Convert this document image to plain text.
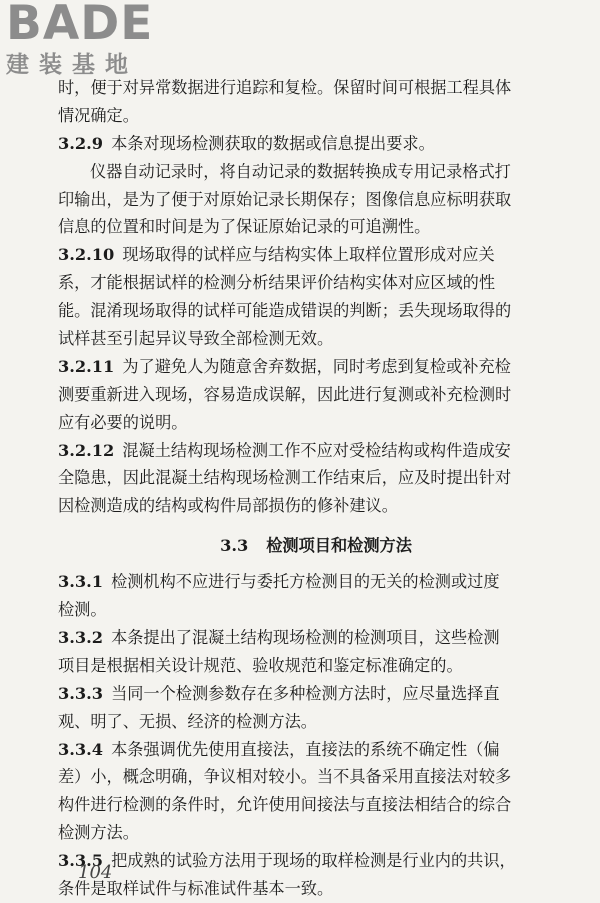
BADE
建装基地
时，便于对异常数据进行追踪和复检。保留时间可根据工程具体
情况确定。
3.2.9 本条对现场检测获取的数据或信息提出要求。
仪器自动记录时，将自动记录的数据转换成专用记录格式打
印输出，是为了便于对原始记录长期保存；图像信息应标明获取
信息的位置和时间是为了保证原始记录的可追溯性。
3.2.10 现场取得的试样应与结构实体上取样位置形成对应关
系，才能根据试样的检测分析结果评价结构实体对应区域的性
能。混淆现场取得的试样可能造成错误的判断；丢失现场取得的
试样甚至引起异议导致全部检测无效。
3.2.11 为了避免人为随意舍弃数据，同时考虑到复检或补充检
测要重新进入现场，容易造成误解，因此进行复测或补充检测时
应有必要的说明。
3.2.12 混凝土结构现场检测工作不应对受检结构或构件造成安
全隐患，因此混凝土结构现场检测工作结束后，应及时提出针对
因检测造成的结构或构件局部损伤的修补建议。
3.3 检测项目和检测方法
3.3.1 检测机构不应进行与委托方检测目的无关的检测或过度
检测。
3.3.2 本条提出了混凝土结构现场检测的检测项目，这些检测
项目是根据相关设计规范、验收规范和鉴定标准确定的。
3.3.3 当同一个检测参数存在多种检测方法时，应尽量选择直
观、明了、无损、经济的检测方法。
3.3.4 本条强调优先使用直接法，直接法的系统不确定性（偏
差）小，概念明确，争议相对较小。当不具备采用直接法对较多
构件进行检测的条件时，允许使用间接法与直接法相结合的综合
检测方法。
3.3.5 把成熟的试验方法用于现场的取样检测是行业内的共识，
条件是取样试件与标准试件基本一致。
104
